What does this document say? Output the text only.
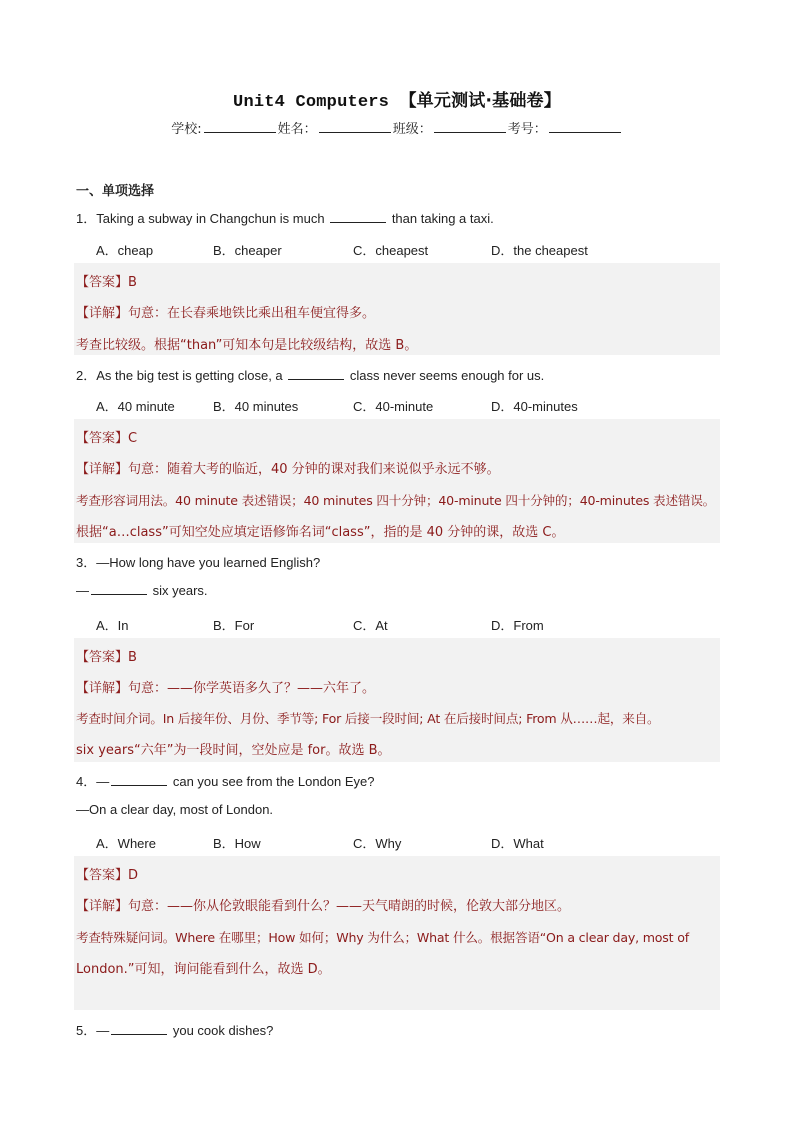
Unit4 Computers 【单元测试·基础卷】
学校:	姓名：	班级：	考号：
一、单项选择
1．Taking a subway in Changchun is much	than taking a taxi.
A．cheap	B．cheaper	C．cheapest	D．the cheapest
【答案】B
【详解】句意：在长春乘地铁比乘出租车便宜得多。
考查比较级。根据“than”可知本句是比较级结构，故选 B。
2．As the big test is getting close, a	class never seems enough for us.
A．40 minute	B．40 minutes	C．40-minute	D．40-minutes
【答案】C
【详解】句意：随着大考的临近，40 分钟的课对我们来说似乎永远不够。
考查形容词用法。40 minute 表述错误；40 minutes 四十分钟；40-minute 四十分钟的；40-minutes 表述错误。
根据“a…class”可知空处应填定语修饰名词“class”，指的是 40 分钟的课，故选 C。
3．—How long have you learned English?
—	six years.
A．In	B．For	C．At	D．From
【答案】B
【详解】句意：——你学英语多久了？——六年了。
考查时间介词。In 后接年份、月份、季节等; For 后接一段时间; At 在后接时间点; From 从……起，来自。
six years“六年”为一段时间，空处应是 for。故选 B。
4．—	can you see from the London Eye?
—On a clear day, most of London.
A．Where	B．How	C．Why	D．What
【答案】D
【详解】句意：——你从伦敦眼能看到什么？——天气晴朗的时候，伦敦大部分地区。
考查特殊疑问词。Where 在哪里；How 如何；Why 为什么；What 什么。根据答语“On a clear day, most of
London.”可知，询问能看到什么，故选 D。
5．—	you cook dishes?
